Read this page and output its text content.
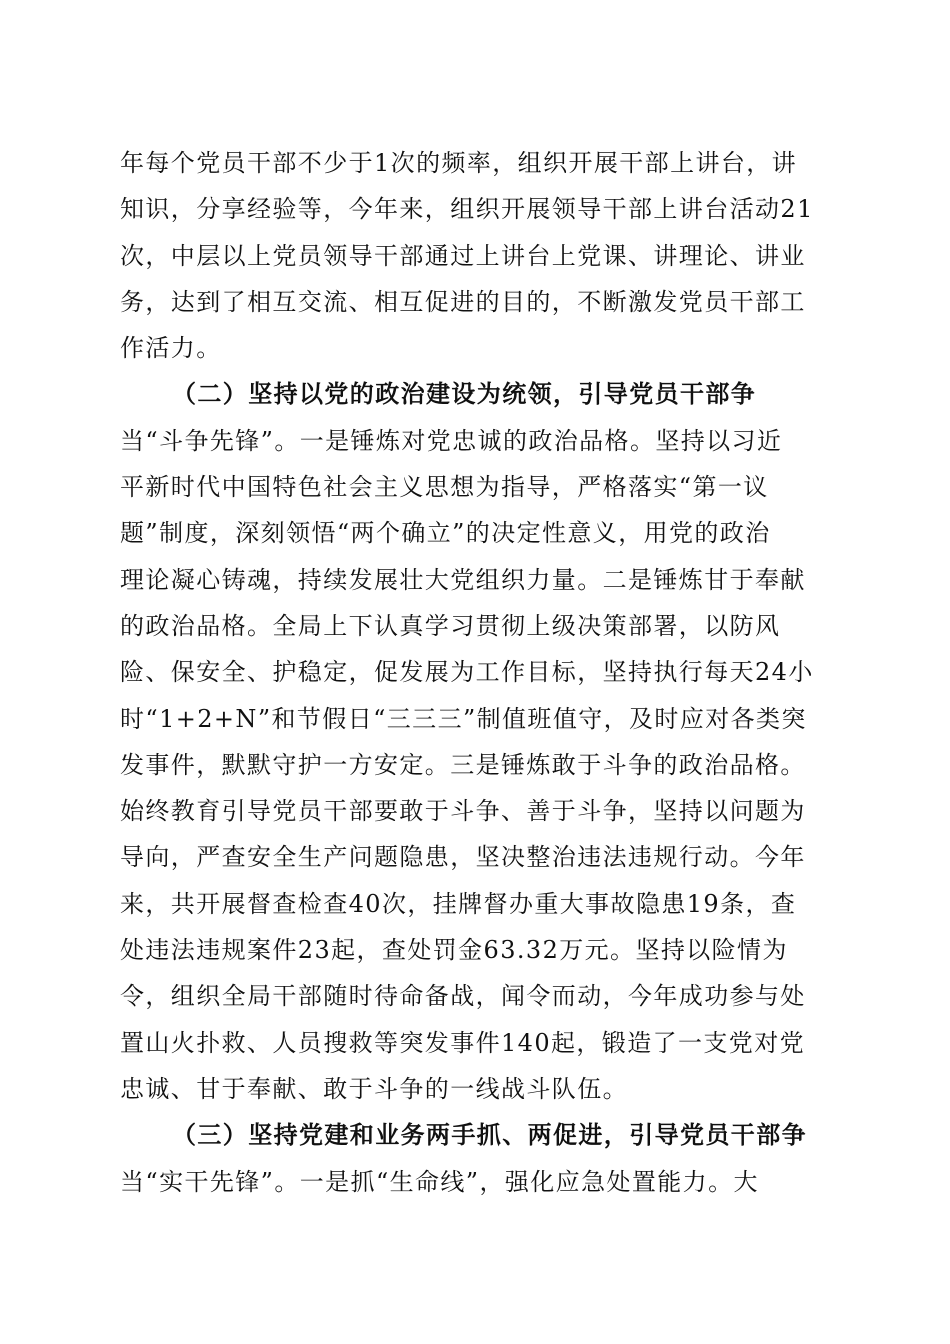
年每个党员干部不少于1次的频率，组织开展干部上讲台，讲
知识，分享经验等，今年来，组织开展领导干部上讲台活动21
次，中层以上党员领导干部通过上讲台上党课、讲理论、讲业
务，达到了相互交流、相互促进的目的，不断激发党员干部工
作活力。
（二）坚持以党的政治建设为统领，引导党员干部争
当“斗争先锋”。一是锤炼对党忠诚的政治品格。坚持以习近
平新时代中国特色社会主义思想为指导，严格落实“第一议
题”制度，深刻领悟“两个确立”的决定性意义，用党的政治
理论凝心铸魂，持续发展壮大党组织力量。二是锤炼甘于奉献
的政治品格。全局上下认真学习贯彻上级决策部署，以防风
险、保安全、护稳定，促发展为工作目标，坚持执行每天24小
时“1+2+N”和节假日“三三三”制值班值守，及时应对各类突
发事件，默默守护一方安定。三是锤炼敢于斗争的政治品格。
始终教育引导党员干部要敢于斗争、善于斗争，坚持以问题为
导向，严查安全生产问题隐患，坚决整治违法违规行动。今年
来，共开展督查检查40次，挂牌督办重大事故隐患19条，查
处违法违规案件23起，查处罚金63.32万元。坚持以险情为
令，组织全局干部随时待命备战，闻令而动，今年成功参与处
置山火扑救、人员搜救等突发事件140起，锻造了一支党对党
忠诚、甘于奉献、敢于斗争的一线战斗队伍。
（三）坚持党建和业务两手抓、两促进，引导党员干部争
当“实干先锋”。一是抓“生命线”，强化应急处置能力。大
